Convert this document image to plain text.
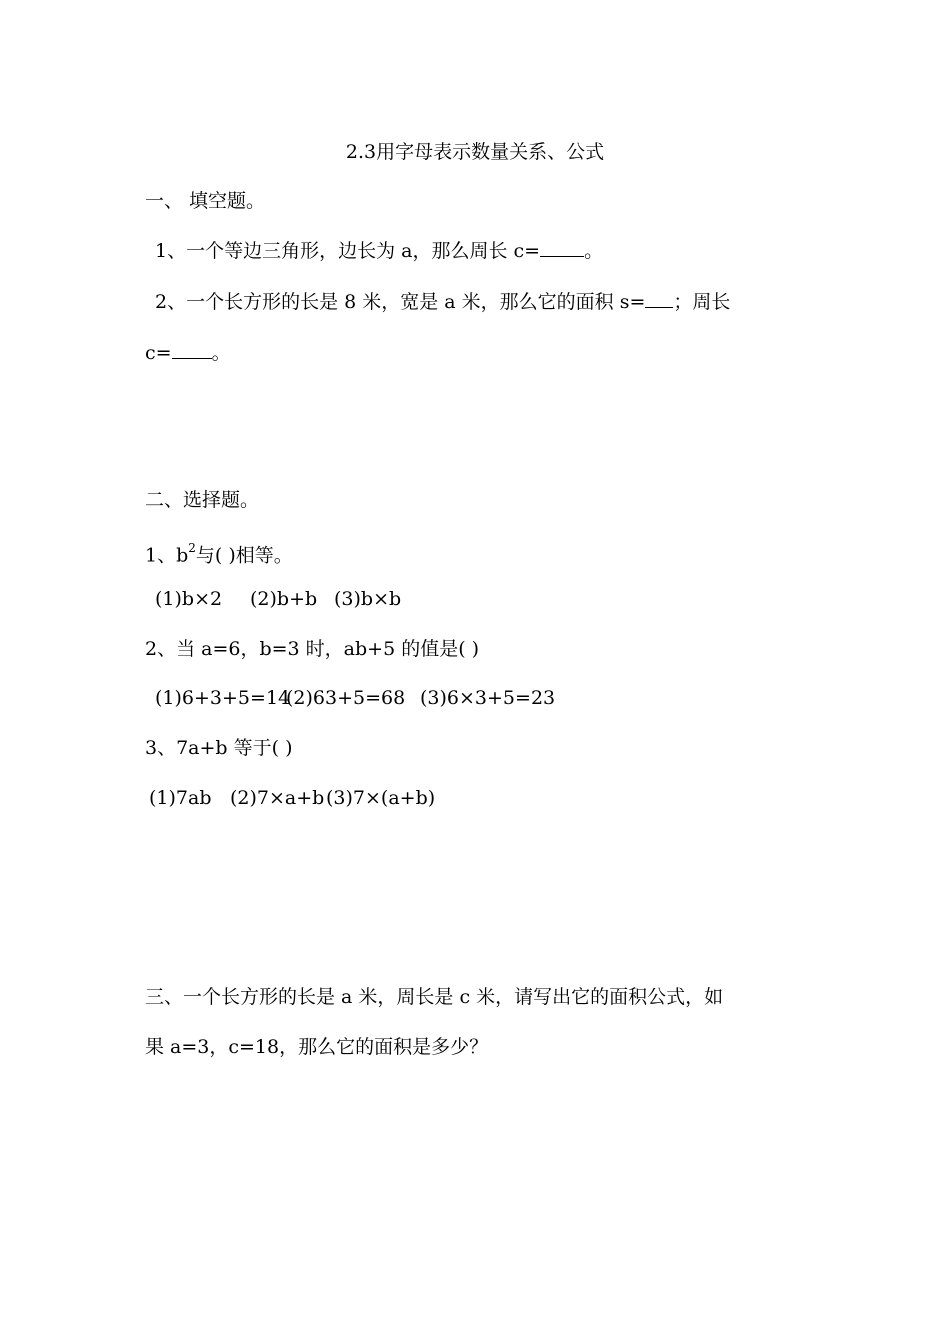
2.3用字母表示数量关系、公式
一、 填空题。
1、一个等边三角形，边长为 a，那么周长 c= 。
2、一个长方形的长是 8 米，宽是 a 米，那么它的面积 s= ；周长
c= 。
二、选择题。
1、$b^2$与( )相等。
(1)b×2 (2)b+b (3)b×b
2、当 a=6，b=3 时，ab+5 的值是( )
(1)6+3+5=14(2)63+5=68 (3)6×3+5=23
3、7a+b 等于( )
(1)7ab (2)7×a+b(3)7×(a+b)
三、一个长方形的长是 a 米，周长是 c 米，请写出它的面积公式，如
果 a=3，c=18，那么它的面积是多少？
